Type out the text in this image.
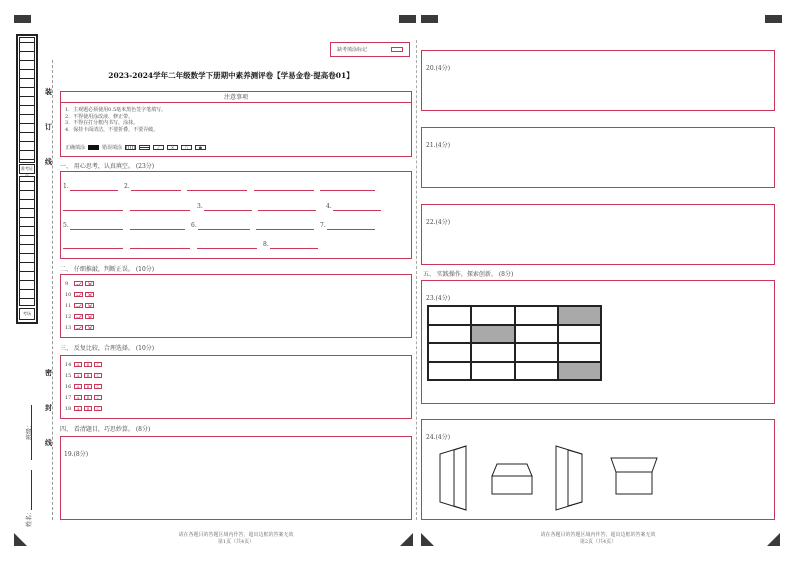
准考证
考场
装
订
线
密
封
线
班级：
姓名：
缺考填涂标记
2023-2024学年二年级数学下册期中素养测评卷【学易金卷·提高卷01】
注意事项
1．主观题必须使用0.5毫米黑色签字笔填写。
2．不得使用涂改液、修正带。
3．不得在打分框内书写，涂抹。
4．保持卡面清洁，不要折叠，不要弄破。
正确填涂	错误填涂	✓	✕	○	●
一、 用心思考，认真填空。 (23分)
1.	2.
3.	4.
5.	6.	7.
8.
二、 仔细推敲，判断正误。 (10分)
9
10
11
12
13
三、 反复比较，合理选择。 (10分)
14 A B C
15 A B C
16 A B C
17 A B C
18 A B C
四、 看清题目，巧思妙算。 (8分)
19.(8分)
请在各题目的答题区域内作答，超出边框的答案无效
第1页（共4页）
20.(4分)
21.(4分)
22.(4分)
五、 实践操作，探索创新。 (8分)
23.(4分)
24.(4分)
请在各题目的答题区域内作答，超出边框的答案无效
第2页（共4页）
